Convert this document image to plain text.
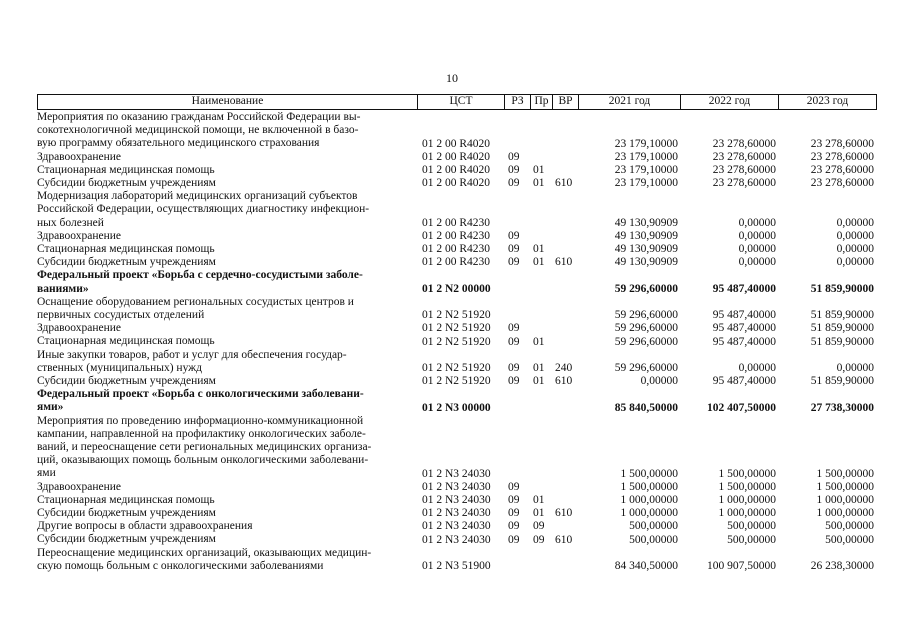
10
Наименование	ЦСТ	РЗ Пр ВР	2021 год	2022 год	2023 год
Мероприятия по оказанию гражданам Российской Федерации вы-
сокотехнологичной медицинской помощи, не включенной в базо-
вую программу обязательного медицинского страхования	01 2 00 R4020	23 179,10000	23 278,60000	23 278,60000
Здравоохранение	01 2 00 R4020 09	23 179,10000	23 278,60000	23 278,60000
Стационарная медицинская помощь	01 2 00 R4020 09 01	23 179,10000	23 278,60000	23 278,60000
Субсидии бюджетным учреждениям	01 2 00 R4020 09 01 610	23 179,10000	23 278,60000	23 278,60000
Модернизация лабораторий медицинских организаций субъектов
Российской Федерации, осуществляющих диагностику инфекцион-
ных болезней	01 2 00 R4230	49 130,90909	0,00000	0,00000
Здравоохранение	01 2 00 R4230 09	49 130,90909	0,00000	0,00000
Стационарная медицинская помощь	01 2 00 R4230 09 01	49 130,90909	0,00000	0,00000
Субсидии бюджетным учреждениям	01 2 00 R4230 09 01 610	49 130,90909	0,00000	0,00000
Федеральный проект «Борьба с сердечно-сосудистыми заболе-
ваниями»	01 2 N2 00000	59 296,60000	95 487,40000	51 859,90000
Оснащение оборудованием региональных сосудистых центров и
первичных сосудистых отделений	01 2 N2 51920	59 296,60000	95 487,40000	51 859,90000
Здравоохранение	01 2 N2 51920 09	59 296,60000	95 487,40000	51 859,90000
Стационарная медицинская помощь	01 2 N2 51920 09 01	59 296,60000	95 487,40000	51 859,90000
Иные закупки товаров, работ и услуг для обеспечения государ-
ственных (муниципальных) нужд	01 2 N2 51920 09 01 240	59 296,60000	0,00000	0,00000
Субсидии бюджетным учреждениям	01 2 N2 51920 09 01 610	0,00000	95 487,40000	51 859,90000
Федеральный проект «Борьба с онкологическими заболевани-
ями»	01 2 N3 00000	85 840,50000	102 407,50000	27 738,30000
Мероприятия по проведению информационно-коммуникационной
кампании, направленной на профилактику онкологических заболе-
ваний, и переоснащение сети региональных медицинских организа-
ций, оказывающих помощь больным онкологическими заболевани-
ями	01 2 N3 24030	1 500,00000	1 500,00000	1 500,00000
Здравоохранение	01 2 N3 24030 09	1 500,00000	1 500,00000	1 500,00000
Стационарная медицинская помощь	01 2 N3 24030 09 01	1 000,00000	1 000,00000	1 000,00000
Субсидии бюджетным учреждениям	01 2 N3 24030 09 01 610	1 000,00000	1 000,00000	1 000,00000
Другие вопросы в области здравоохранения	01 2 N3 24030 09 09	500,00000	500,00000	500,00000
Субсидии бюджетным учреждениям	01 2 N3 24030 09 09 610	500,00000	500,00000	500,00000
Переоснащение медицинских организаций, оказывающих медицин-
скую помощь больным с онкологическими заболеваниями	01 2 N3 51900	84 340,50000	100 907,50000	26 238,30000
